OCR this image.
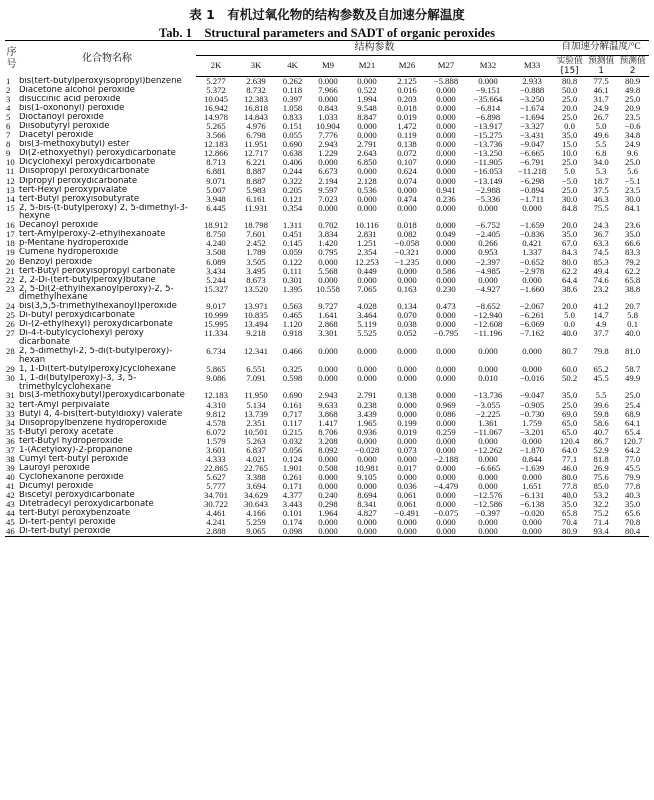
表 1　有机过氧化物的结构参数及自加速分解温度
Tab. 1　Structural parameters and SADT of organic peroxides
序号	化合物名称	结构参数									自加速分解温度/°C		
		2K	3K	4K	M9	M21	M26	M27	M32	M33	实验值[15]	预测值 1	预测值 2
1	bis(tert-butylperoxyisopropyl)benzene	5.277	2.639	0.262	0.000	0.000	2.125	−5.888	0.000	2.933	80.8	77.5	80.9
2	Diacetone alcohol peroxide	5.372	8.732	0.118	7.966	0.522	0.016	0.000	−9.151	−0.888	50.0	46.1	49.8
3	disuccinic acid peroxide	10.045	12.383	0.397	0.000	1.994	0.203	0.000	−35.664	−3.250	25.0	31.7	25.0
4	bis(1-oxononyl) peroxide	16.942	16.818	1.058	0.843	9.548	0.018	0.000	−6.814	−1.674	20.0	24.9	20.9
5	Dioctanoyl peroxide	14.978	14.843	0.833	1.033	8.847	0.019	0.000	−6.898	−1.694	25.0	26.7	23.5
6	Diisobutyryl peroxide	5.265	4.976	0.151	10.904	0.000	1.472	0.000	−13.917	−3.327	0.0	5.0	−0.6
7	Diacetyl peroxide	3.566	6.798	0.055	7.776	0.000	0.119	0.000	−15.275	−3.431	35.0	49.6	34.8
8	bis(3-methoxybutyl) ester	12.183	11.951	0.690	2.943	2.791	0.138	0.000	−13.736	−9.047	15.0	5.5	24.9
9	Di(2-ethoxyethyl) peroxydicarbonate	12.866	12.717	0.638	1.229	2.643	0.072	0.000	−13.250	−6.665	10.0	6.8	9.6
10	Dicyclohexyl peroxydicarbonate	8.713	6.221	0.406	0.000	6.850	0.107	0.000	−11.905	−6.791	25.0	34.0	25.0
11	Diisopropyl peroxydicarbonate	6.881	8.887	0.244	6.673	0.000	0.624	0.000	−16.053	−11.218	5.0	5.3	5.6
12	Dipropyl peroxydicarbonate	9.071	8.887	0.322	2.194	2.128	0.074	0.000	−13.149	−6.298	−5.0	18.7	−5.1
13	tert-Hexyl peroxypivalate	5.007	5.983	0.205	9.597	0.536	0.000	0.941	−2.988	−0.894	25.0	37.5	23.5
14	tert-Butyl peroxyisobutyrate	3.948	6.161	0.121	7.023	0.000	0.474	0.236	−5.336	−1.711	30.0	46.3	30.0
15	2, 5-bis-(t-butylperoxy) 2, 5-dimethyl-3-hexyne	6.445	11.931	0.354	0.000	0.000	0.000	0.000	0.000	0.000	84.8	75.5	84.1
16	Decanoyl peroxide	18.912	18.798	1.311	0.702	10.116	0.018	0.000	−6.752	−1.659	20.0	24.3	23.6
17	tert-Amylperoxy-2-ethylhexanoate	8.750	7.601	0.451	3.834	2.831	0.082	0.049	−2.405	−0.836	35.0	36.7	35.0
18	p-Mentane hydroperoxide	4.240	2.452	0.145	1.420	1.251	−0.058	0.000	0.266	0.421	67.0	63.3	66.6
19	Cumene hydroperoxide	3.508	1.789	0.059	0.795	2.354	−0.321	0.000	0.953	1.337	84.3	74.5	83.3
20	Benzoyl peroxide	6.089	3.505	0.122	0.000	12.253	−1.235	0.000	−2.397	−0.652	80.0	85.3	79.2
21	tert-Butyl peroxyisopropyl carbonate	3.434	3.495	0.111	5.568	0.449	0.000	0.586	−4.985	−2.978	62.2	49.4	62.2
22	2, 2-Di-(tert-butylperoxy)butane	5.244	8.673	0.301	0.000	0.000	0.000	0.000	0.000	0.000	64.4	74.6	65.8
23	2, 5-Di(2-ethylhexanoylperoxy)-2, 5-dimethylhexane	15.327	13.520	1.395	10.558	7.065	0.163	0.230	−4.927	−1.660	38.6	23.2	38.8
24	bis(3,5,5-trimethylhexanoyl)peroxide	9.017	13.971	0.563	9.727	4.028	0.134	0.473	−8.652	−2.067	20.0	41.2	20.7
25	Di-butyl peroxydicarbonate	10.999	10.835	0.465	1.641	3.464	0.070	0.000	−12.940	−6.261	5.0	14.7	5.8
26	Di-(2-ethylhexyl) peroxydicarbonate	15.995	13.494	1.120	2.868	5.119	0.038	0.000	−12.608	−6.069	0.0	4.9	0.1
27	Di-4-t-butylcyclohexyl peroxy dicarbonate	11.334	9.218	0.918	3.301	5.525	0.052	−0.795	−11.196	−7.162	40.0	37.7	40.0
28	2, 5-dimethyl-2, 5-di(t-butylperoxy)-hexan	6.734	12.341	0.466	0.000	0.000	0.000	0.000	0.000	0.000	80.7	79.8	81.0
29	1, 1-Di(tert-butylperoxy)cyclohexane	5.865	6.551	0.325	0.000	0.000	0.000	0.000	0.000	0.000	60.0	65.2	58.7
30	1, 1-di(butylperoxy)-3, 3, 5-trimethylcyclohexane	9.086	7.091	0.598	0.000	0.000	0.000	0.000	0.010	−0.016	50.2	45.5	49.9
31	bis(3-methoxybutyl)peroxydicarbonate	12.183	11.950	0.690	2.943	2.791	0.138	0.000	−13.736	−9.047	35.0	5.5	25.0
32	tert-Amyl perpivalate	4.310	5.134	0.161	9.633	0.238	0.000	0.969	−3.055	−0.905	25.0	39.6	25.4
33	Butyl 4, 4-bis(tert-butyldioxy) valerate	9.812	13.739	0.717	3.868	3.439	0.000	0.086	−2.225	−0.730	69.0	59.8	68.9
34	Diisopropylbenzene hydroperoxide	4.578	2.351	0.117	1.417	1.965	0.199	0.000	1.361	1.759	65.0	58.6	64.1
35	t-Butyl peroxy acetate	6.072	10.501	0.215	8.706	0.936	0.019	0.259	−11.067	−3.201	65.0	40.7	65.4
36	tert-Butyl hydroperoxide	1.579	5.263	0.032	3.208	0.000	0.000	0.000	0.000	0.000	120.4	86.7	120.7
37	1-(Acetyloxy)-2-propanone	3.601	6.837	0.056	8.092	−0.028	0.073	0.000	−12.262	−1.870	64.0	52.9	64.2
38	Cumyl tert-butyl peroxide	4.333	4.021	0.124	0.000	0.000	0.000	−2.188	0.000	0.844	77.1	81.8	77.0
39	Lauroyl peroxide	22.865	22.765	1.901	0.508	10.981	0.017	0.000	−6.665	−1.639	46.0	26.9	45.5
40	Cyclohexanone peroxide	5.627	3.388	0.261	0.000	9.105	0.000	0.000	0.000	0.000	80.0	75.6	79.9
41	Dicumyl peroxide	5.777	3.694	0.171	0.000	0.000	0.036	−4.479	0.000	1.651	77.8	85.0	77.8
42	Biscetyl peroxydicarbonate	34.701	34.629	4.377	0.240	8.694	0.061	0.000	−12.576	−6.131	40.0	53.2	40.3
43	Ditetradecyl peroxydicarbonate	30.722	30.643	3.443	0.298	8.341	0.061	0.000	−12.586	−6.138	35.0	32.2	35.0
44	tert-Butyl peroxybenzoate	4.461	4.166	0.101	1.964	4.827	−0.491	−0.075	−0.397	−0.020	65.8	75.2	65.6
45	Di-tert-pentyl peroxide	4.241	5.259	0.174	0.000	0.000	0.000	0.000	0.000	0.000	70.4	71.4	70.8
46	Di-tert-butyl peroxide	2.888	9.065	0.098	0.000	0.000	0.000	0.000	0.000	0.000	80.9	93.4	80.4
